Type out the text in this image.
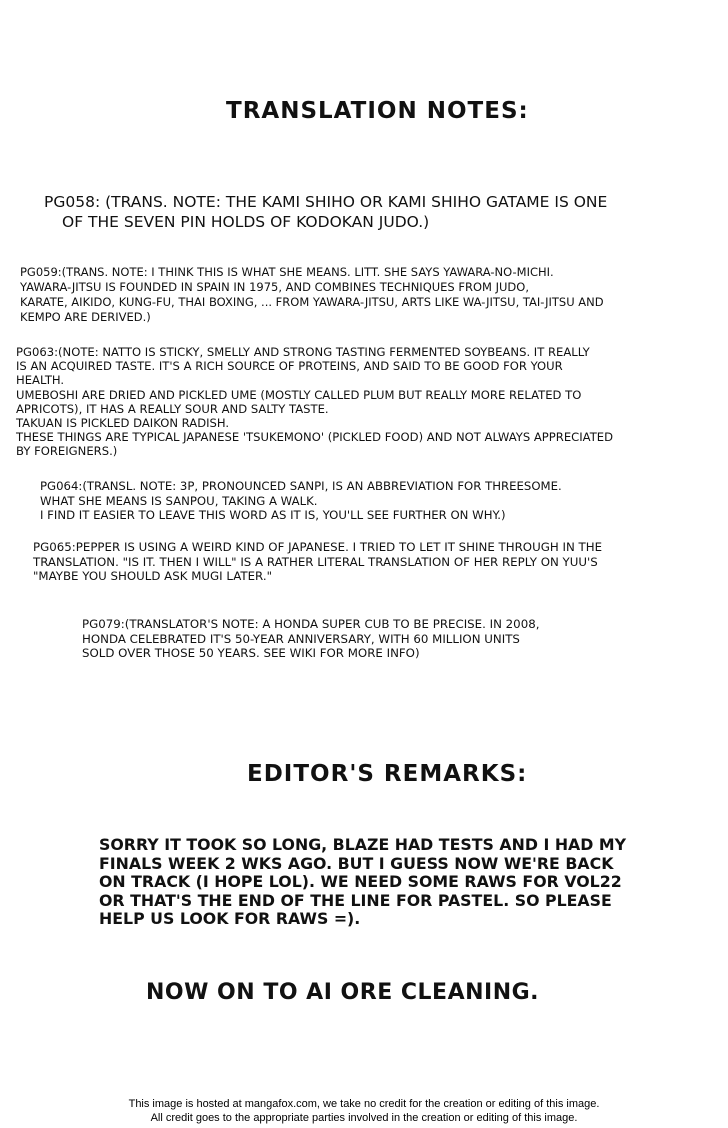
TRANSLATION NOTES:
PG058: (TRANS. NOTE: THE KAMI SHIHO OR KAMI SHIHO GATAME IS ONE
OF THE SEVEN PIN HOLDS OF KODOKAN JUDO.)
PG059:(TRANS. NOTE: I THINK THIS IS WHAT SHE MEANS. LITT. SHE SAYS YAWARA-NO-MICHI.
YAWARA-JITSU IS FOUNDED IN SPAIN IN 1975, AND COMBINES TECHNIQUES FROM JUDO,
KARATE, AIKIDO, KUNG-FU, THAI BOXING, ... FROM YAWARA-JITSU, ARTS LIKE WA-JITSU, TAI-JITSU AND
KEMPO ARE DERIVED.)
PG063:(NOTE: NATTO IS STICKY, SMELLY AND STRONG TASTING FERMENTED SOYBEANS. IT REALLY
IS AN ACQUIRED TASTE. IT'S A RICH SOURCE OF PROTEINS, AND SAID TO BE GOOD FOR YOUR
HEALTH.
UMEBOSHI ARE DRIED AND PICKLED UME (MOSTLY CALLED PLUM BUT REALLY MORE RELATED TO
APRICOTS), IT HAS A REALLY SOUR AND SALTY TASTE.
TAKUAN IS PICKLED DAIKON RADISH.
THESE THINGS ARE TYPICAL JAPANESE 'TSUKEMONO' (PICKLED FOOD) AND NOT ALWAYS APPRECIATED
BY FOREIGNERS.)
PG064:(TRANSL. NOTE: 3P, PRONOUNCED SANPI, IS AN ABBREVIATION FOR THREESOME.
WHAT SHE MEANS IS SANPOU, TAKING A WALK.
I FIND IT EASIER TO LEAVE THIS WORD AS IT IS, YOU'LL SEE FURTHER ON WHY.)
PG065:PEPPER IS USING A WEIRD KIND OF JAPANESE. I TRIED TO LET IT SHINE THROUGH IN THE
TRANSLATION. "IS IT. THEN I WILL" IS A RATHER LITERAL TRANSLATION OF HER REPLY ON YUU'S
"MAYBE YOU SHOULD ASK MUGI LATER."
PG079:(TRANSLATOR'S NOTE: A HONDA SUPER CUB TO BE PRECISE. IN 2008,
HONDA CELEBRATED IT'S 50-YEAR ANNIVERSARY, WITH 60 MILLION UNITS
SOLD OVER THOSE 50 YEARS. SEE WIKI FOR MORE INFO)
EDITOR'S REMARKS:
SORRY IT TOOK SO LONG, BLAZE HAD TESTS AND I HAD MY
FINALS WEEK 2 WKS AGO. BUT I GUESS NOW WE'RE BACK
ON TRACK (I HOPE LOL). WE NEED SOME RAWS FOR VOL22
OR THAT'S THE END OF THE LINE FOR PASTEL. SO PLEASE
HELP US LOOK FOR RAWS =).
NOW ON TO AI ORE CLEANING.
This image is hosted at mangafox.com, we take no credit for the creation or editing of this image.
All credit goes to the appropriate parties involved in the creation or editing of this image.
